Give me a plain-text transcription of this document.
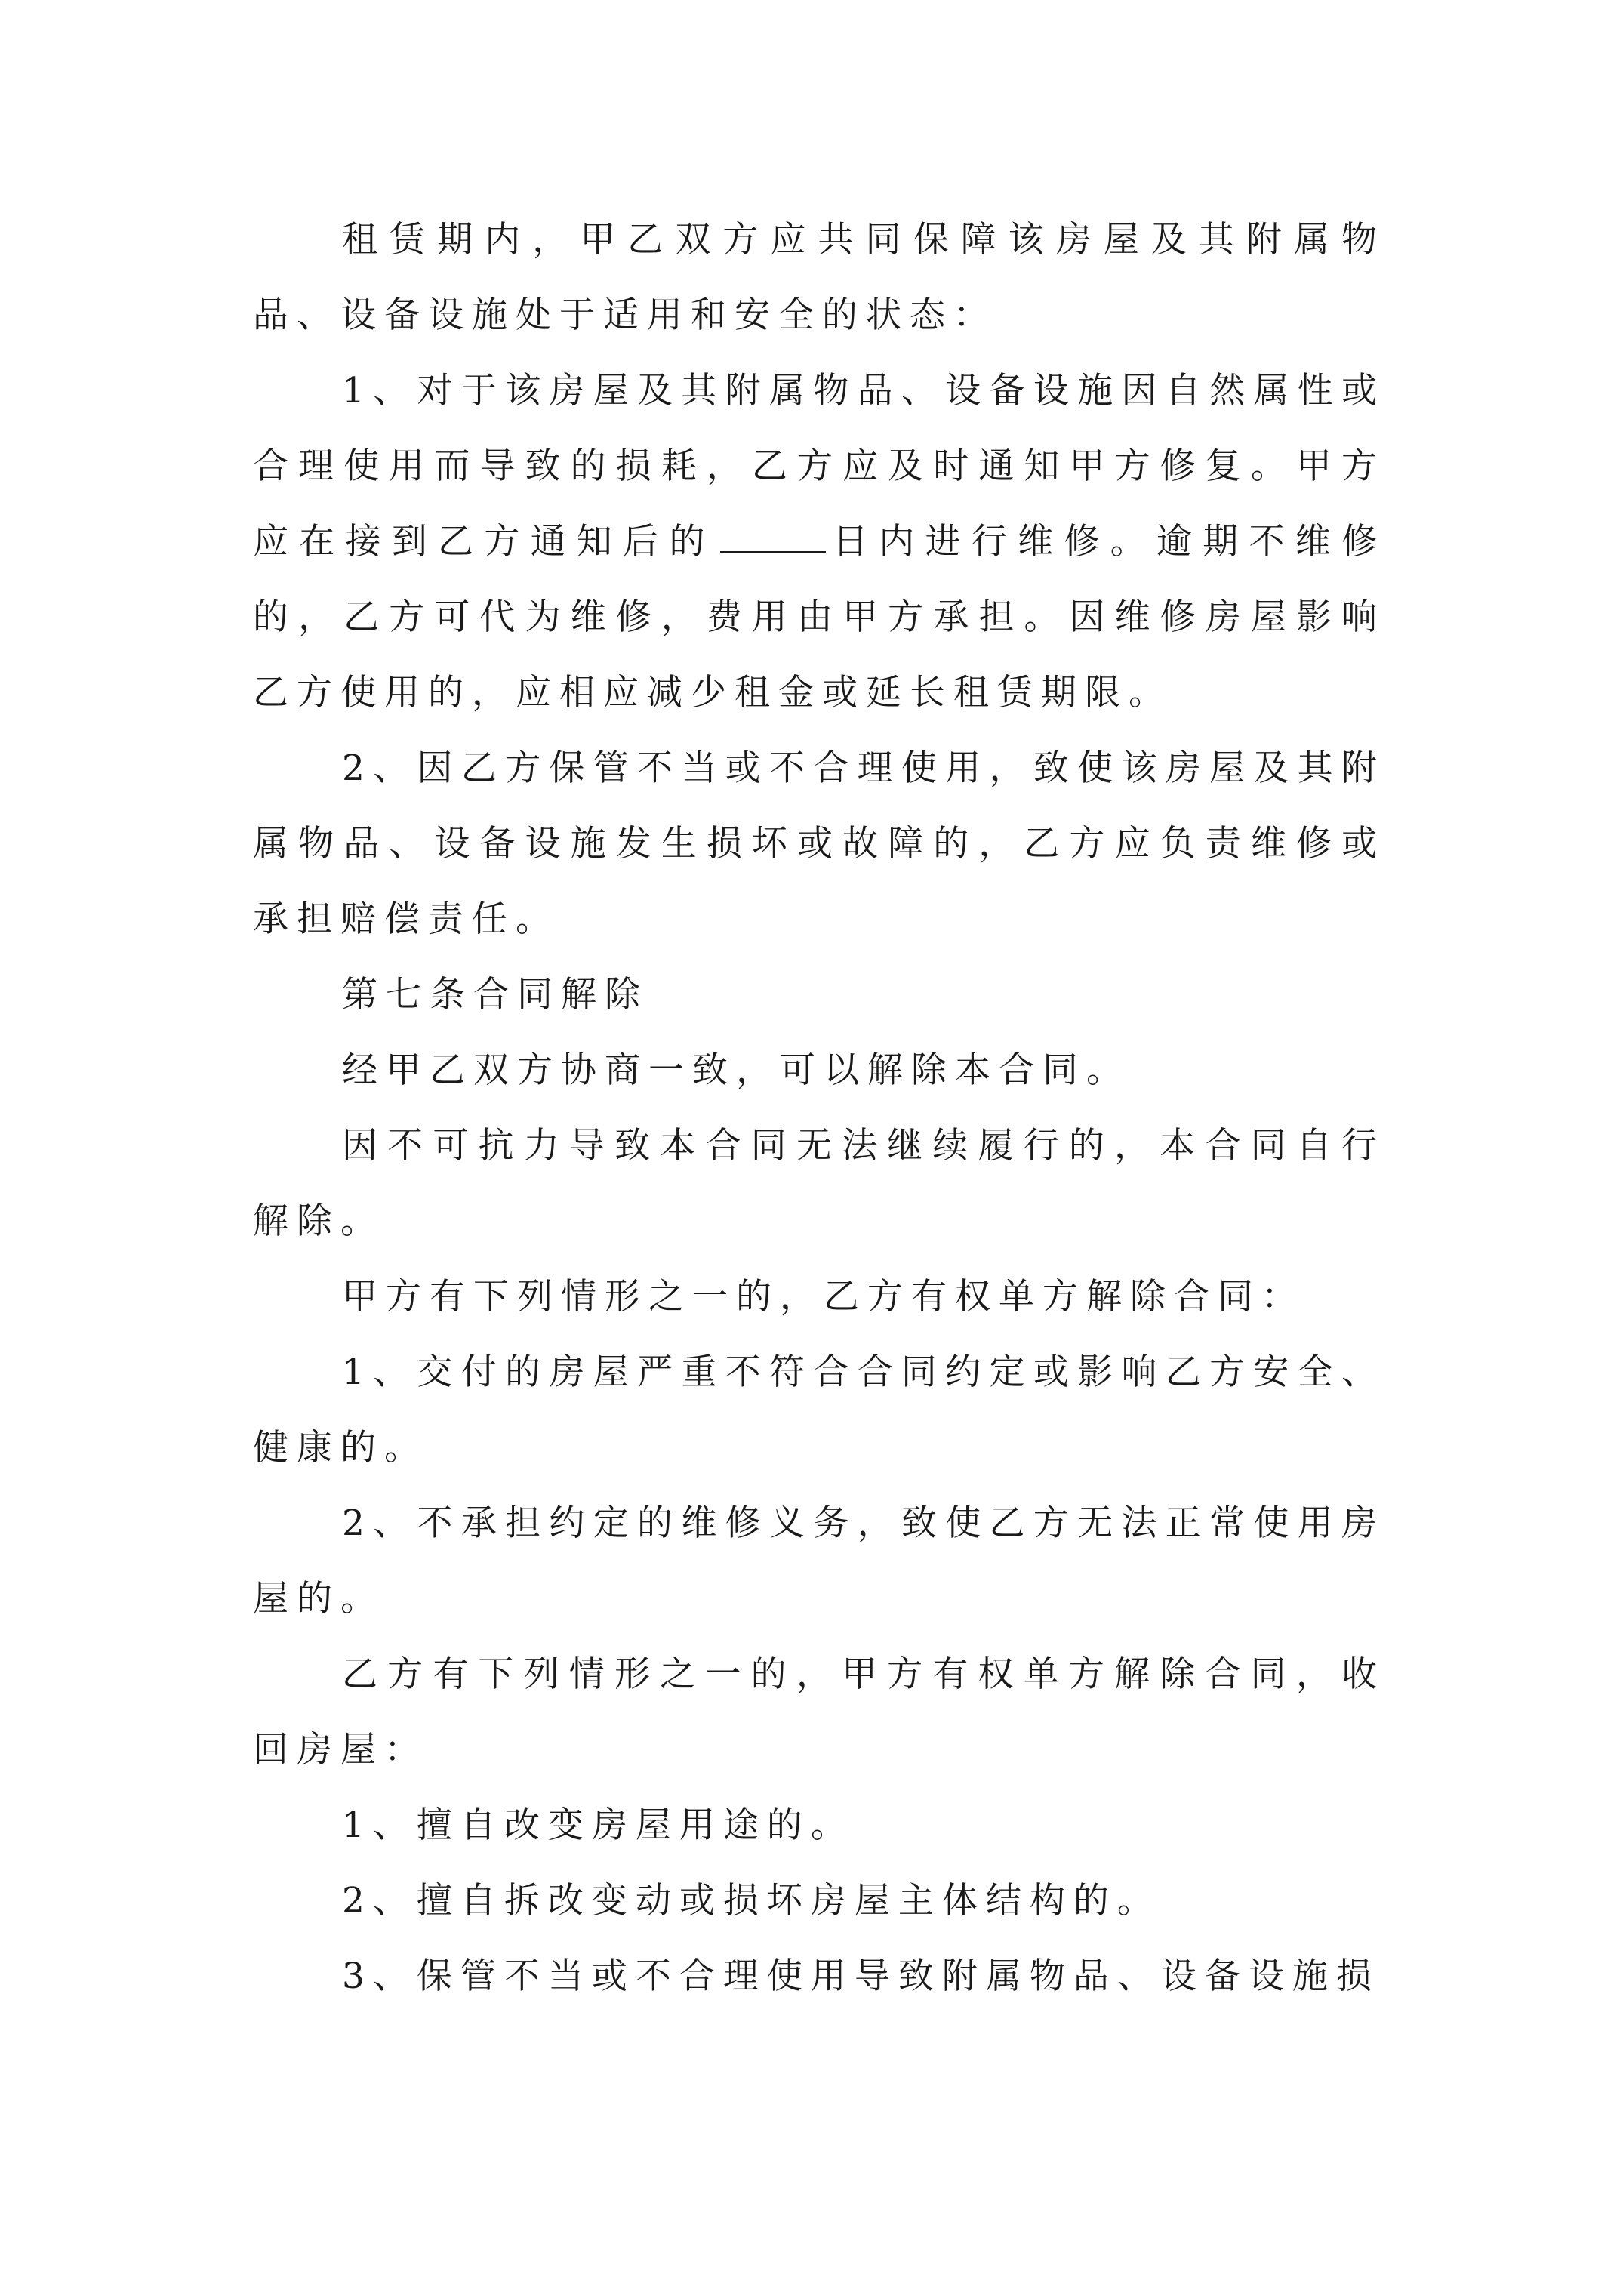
租赁期内，甲乙双方应共同保障该房屋及其附属物品、设备设施处于适用和安全的状态：

1、对于该房屋及其附属物品、设备设施因自然属性或合理使用而导致的损耗，乙方应及时通知甲方修复。甲方应在接到乙方通知后的	日内进行维修。逾期不维修的，乙方可代为维修，费用由甲方承担。因维修房屋影响乙方使用的，应相应减少租金或延长租赁期限。

2、因乙方保管不当或不合理使用，致使该房屋及其附属物品、设备设施发生损坏或故障的，乙方应负责维修或承担赔偿责任。

第七条合同解除

经甲乙双方协商一致，可以解除本合同。

因不可抗力导致本合同无法继续履行的，本合同自行解除。

甲方有下列情形之一的，乙方有权单方解除合同：

1、交付的房屋严重不符合合同约定或影响乙方安全、健康的。

2、不承担约定的维修义务，致使乙方无法正常使用房屋的。

乙方有下列情形之一的，甲方有权单方解除合同，收回房屋：

1、擅自改变房屋用途的。

2、擅自拆改变动或损坏房屋主体结构的。

3、保管不当或不合理使用导致附属物品、设备设施损
